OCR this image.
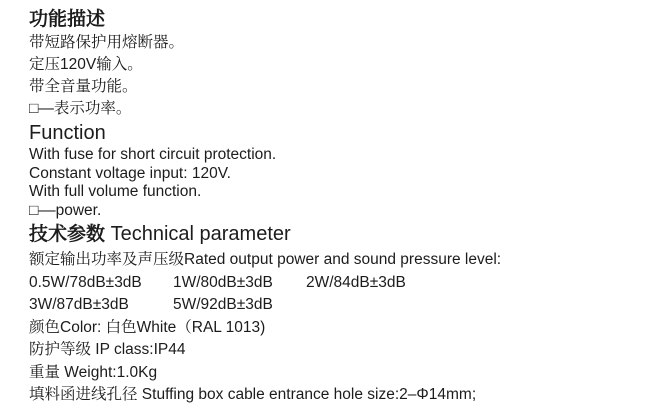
功能描述
带短路保护用熔断器。
定压120V输入。
带全音量功能。
□—表示功率。
Function
With fuse for short circuit protection.
Constant voltage input: 120V.
With full volume function.
□––power.
技术参数 Technical parameter
额定输出功率及声压级Rated output power and sound pressure level:
0.5W/78dB±3dB 1W/80dB±3dB 2W/84dB±3dB
3W/87dB±3dB	5W/92dB±3dB
颜色Color: 白色White（RAL 1013)
防护等级 IP class:IP44
重量 Weight:1.0Kg
填料函进线孔径 Stuffing box cable entrance hole size:2–Φ14mm;
